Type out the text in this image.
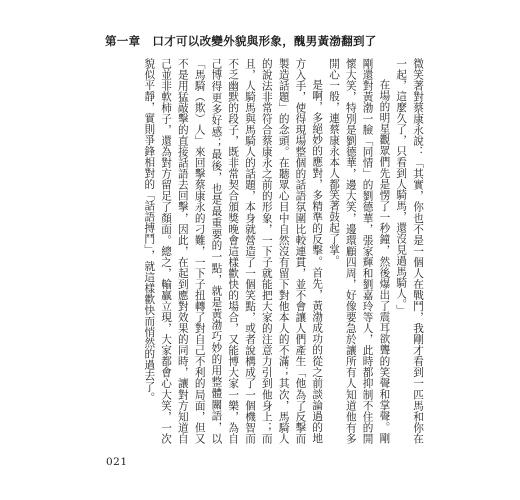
第一章 口才可以改變外貌與形象，醜男黃渤翻到了

微笑著對蔡康永說：「其實，你也不是一個人在戰鬥，我剛才看到一匹馬和你在一起，這麼久了，只看到人騎馬，還沒見過馬騎人。」

在場的明星觀眾們先是愣了一秒鐘，然後爆出了震耳欲聾的笑聲和掌聲。剛剛還對黃渤一臉「同情」的劉德華，張家輝和劉嘉玲等人，此時都抑制不住的開懷大笑，特別是劉德華，邊大笑，邊環顧四周，好像要急於讓所有人知道他有多開心一般，連蔡康永本人都笑著鼓起了掌。

是啊，多絕妙的應對，多精準的反擊。首先，黃渤成功的從之前談論過的地方入手，使得現場整個的話語氛圍比較連貫，並不會讓人們產生「他為了反擊而製造話題」的念頭。在聽眾心目中自然沒有留下對他本人的不滿；其次，馬騎人的說法非常符合蔡康永之前的形象，一下子就能把大家的注意力引到他身上；而且，人騎馬與馬騎人的話題，本身就營造了一個笑點，或者說構成了一個機智而不乏幽默的段子，既非常契合頒獎晚會這樣歡快的場合，又能博大家一樂，為自己博得更多好感；最後，也是最重要的一點，就是黃渤巧妙的用整體關語，以「馬騎（欺）人」來回擊蔡康永的刁難，一下子扭轉了對自己不利的局面，但又不是用猛敲擊的直接話語去回擊，因此，在起到應對效果的同時，讓對方知道自己並非軟柿子，還為對方留足了顏面。總之，輸贏立現，大家都會心大笑，一次貌似平靜，實則爭鋒相對的「話語搏鬥」，就這樣歡快而悄然的過去了。

021
